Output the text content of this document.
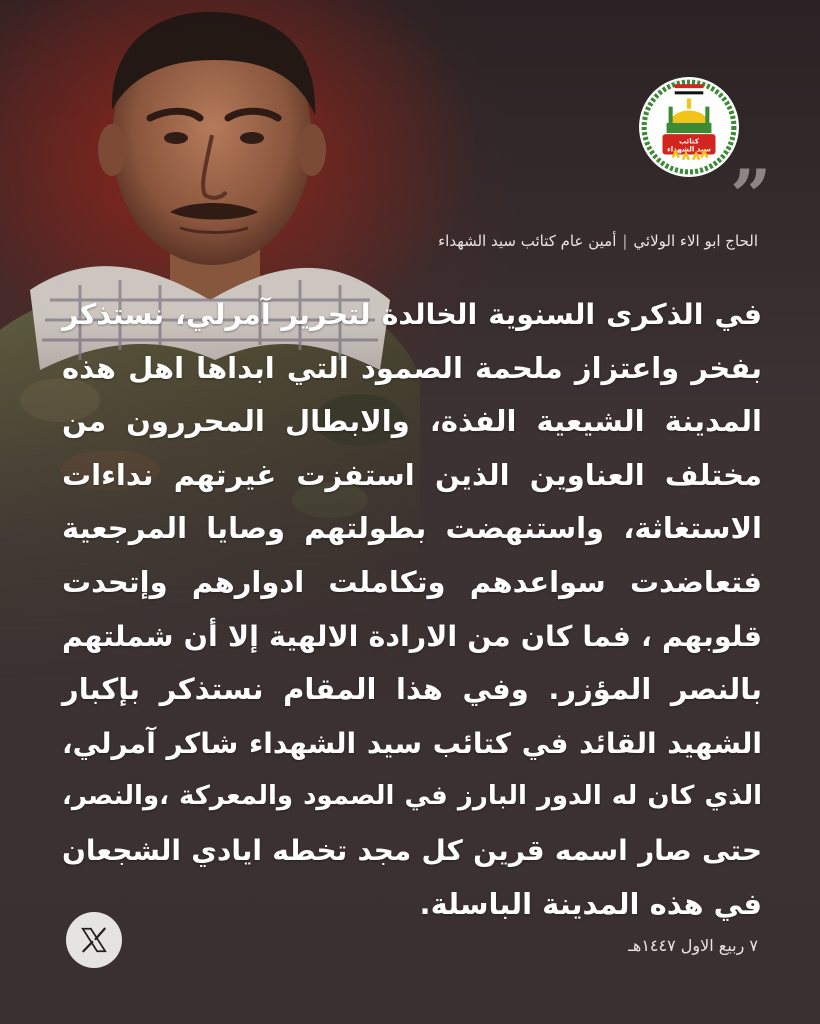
كتائب
سيد الشهداء
”
الحاج ابو الاء الولائي|أمين عام كتائب سيد الشهداء
في الذكرى السنوية الخالدة لتحرير آمرلي، نستذكر
بفخر واعتزاز ملحمة الصمود التي ابداها اهل هذه
المدينة الشيعية الفذة، والابطال المحررون من
مختلف العناوين الذين استفزت غيرتهم نداءات
الاستغاثة، واستنهضت بطولتهم وصايا المرجعية
فتعاضدت سواعدهم وتكاملت ادوارهم وإتحدت
قلوبهم ، فما كان من الارادة الالهية إلا أن شملتهم
بالنصر المؤزر. وفي هذا المقام نستذكر بإكبار
الشهيد القائد في كتائب سيد الشهداء شاكر آمرلي،
الذي كان له الدور البارز في الصمود والمعركة ،والنصر،
حتى صار اسمه قرين كل مجد تخطه ايادي الشجعان
في هذه المدينة الباسلة.
٧ ربيع الاول ١٤٤٧هـ
